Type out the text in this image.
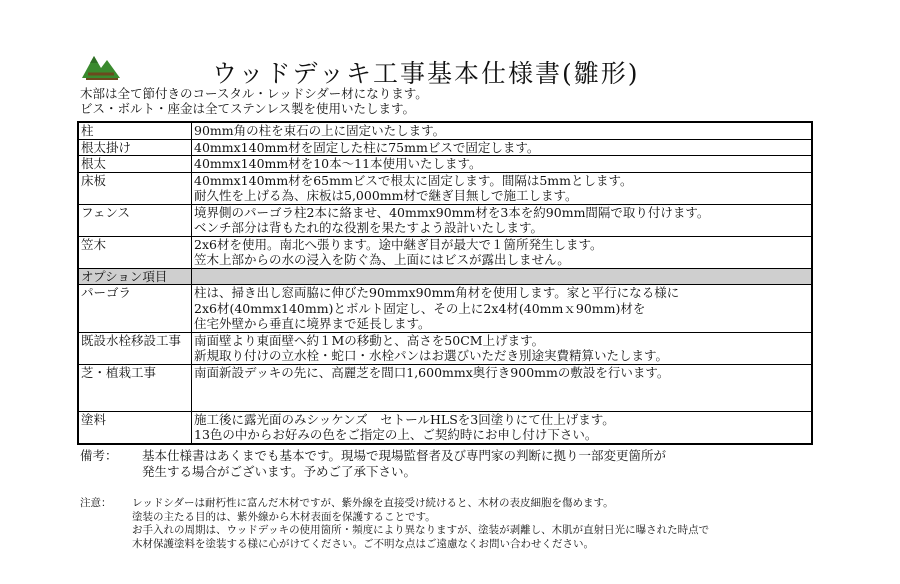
ウッドデッキ工事基本仕様書(雛形)
木部は全て節付きのコースタル・レッドシダー材になります。
ビス・ボルト・座金は全てステンレス製を使用いたします。
柱	90mm角の柱を束石の上に固定いたします。

根太掛け	40mmx140mm材を固定した柱に75mmビスで固定します。

根太	40mmx140mm材を10本～11本使用いたします。

床板	40mmx140mm材を65mmビスで根太に固定します。間隔は5mmとします。
耐久性を上げる為、床板は5,000mm材で継ぎ目無しで施工します。

フェンス	境界側のパーゴラ柱2本に絡ませ、40mmx90mm材を3本を約90mm間隔で取り付けます。
ベンチ部分は背もたれ的な役割を果たすよう設計いたします。

笠木	2x6材を使用。南北へ張ります。途中継ぎ目が最大で１箇所発生します。
笠木上部からの水の浸入を防ぐ為、上面にはビスが露出しません。

オプション項目	
パーゴラ	柱は、掃き出し窓両脇に伸びた90mmx90mm角材を使用します。家と平行になる様に
2x6材(40mmx140mm)とボルト固定し、その上に2x4材(40mmｘ90mm)材を
住宅外壁から垂直に境界まで延長します。

既設水栓移設工事	南面壁より東面壁へ約１Mの移動と、高さを50CM上げます。
新規取り付けの立水栓・蛇口・水栓パンはお選びいただき別途実費精算いたします。

芝・植栽工事	南面新設デッキの先に、高麗芝を間口1,600mmx奥行き900mmの敷設を行います。

塗料	施工後に露光面のみシッケンズ　セトールHLSを3回塗りにて仕上げます。
13色の中からお好みの色をご指定の上、ご契約時にお申し付け下さい。
備考： 基本仕様書はあくまでも基本です。現場で現場監督者及び専門家の判断に拠り一部変更箇所が
発生する場合がございます。予めご了承下さい。
注意： レッドシダーは耐朽性に富んだ木材ですが、紫外線を直接受け続けると、木材の表皮細胞を傷めます。
塗装の主たる目的は、紫外線から木材表面を保護することです。
お手入れの周期は、ウッドデッキの使用箇所・頻度により異なりますが、塗装が剥離し、木肌が直射日光に曝された時点で
木材保護塗料を塗装する様に心がけてください。ご不明な点はご遠慮なくお問い合わせください。
